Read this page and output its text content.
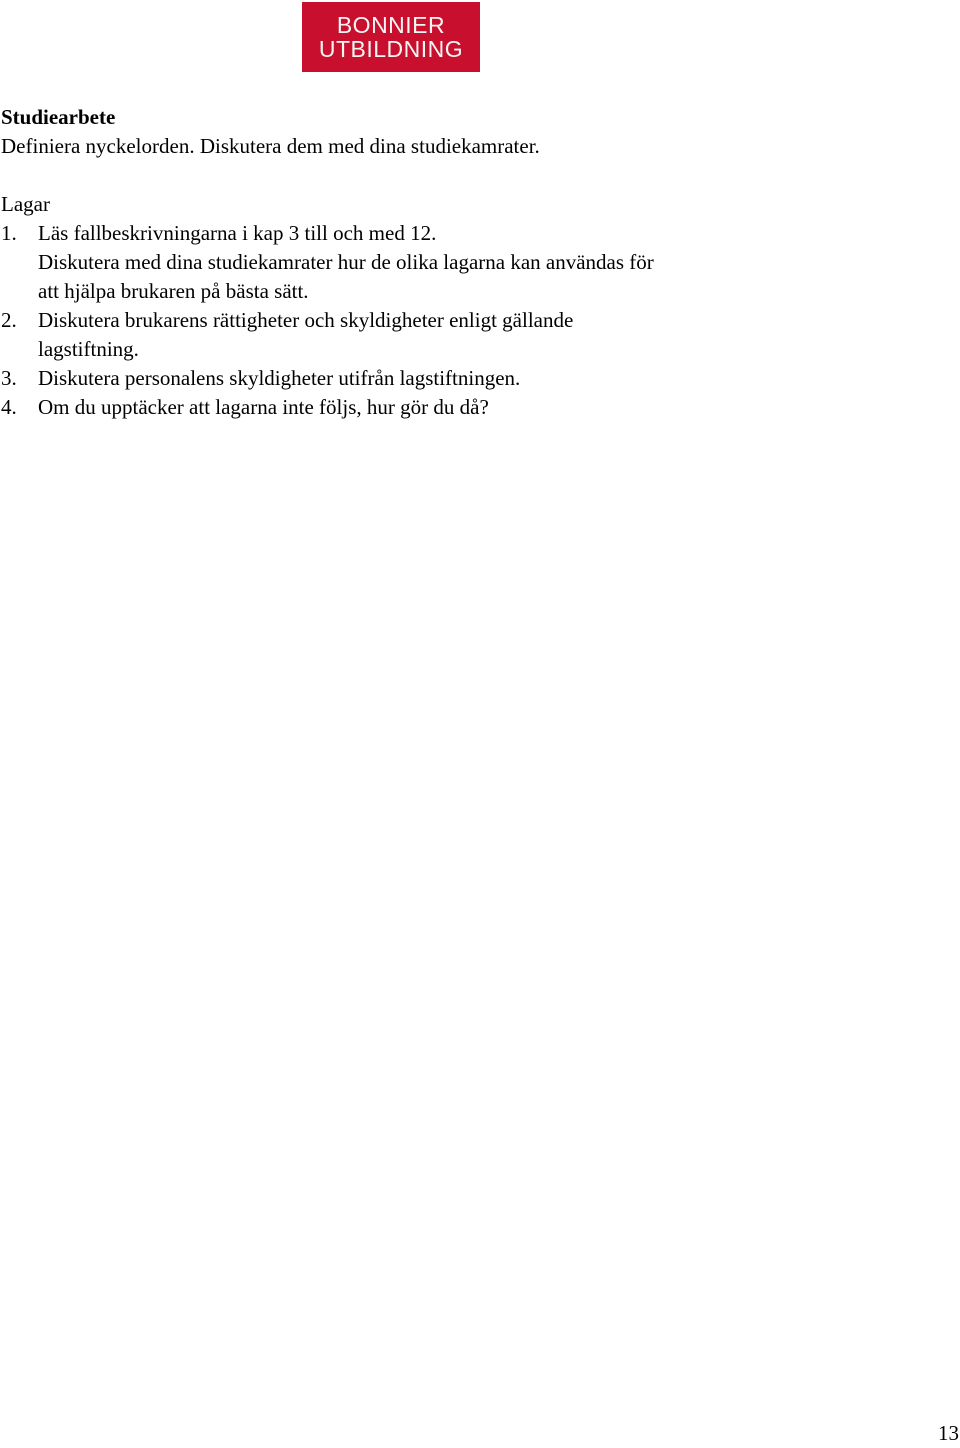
BONNIER
UTBILDNING
Studiearbete
Definiera nyckelorden. Diskutera dem med dina studiekamrater.
Lagar
1.	Läs fallbeskrivningarna i kap 3 till och med 12.
Diskutera med dina studiekamrater hur de olika lagarna kan användas för
att hjälpa brukaren på bästa sätt.
2.	Diskutera brukarens rättigheter och skyldigheter enligt gällande
lagstiftning.
3.	Diskutera personalens skyldigheter utifrån lagstiftningen.
4.	Om du upptäcker att lagarna inte följs, hur gör du då?
13
